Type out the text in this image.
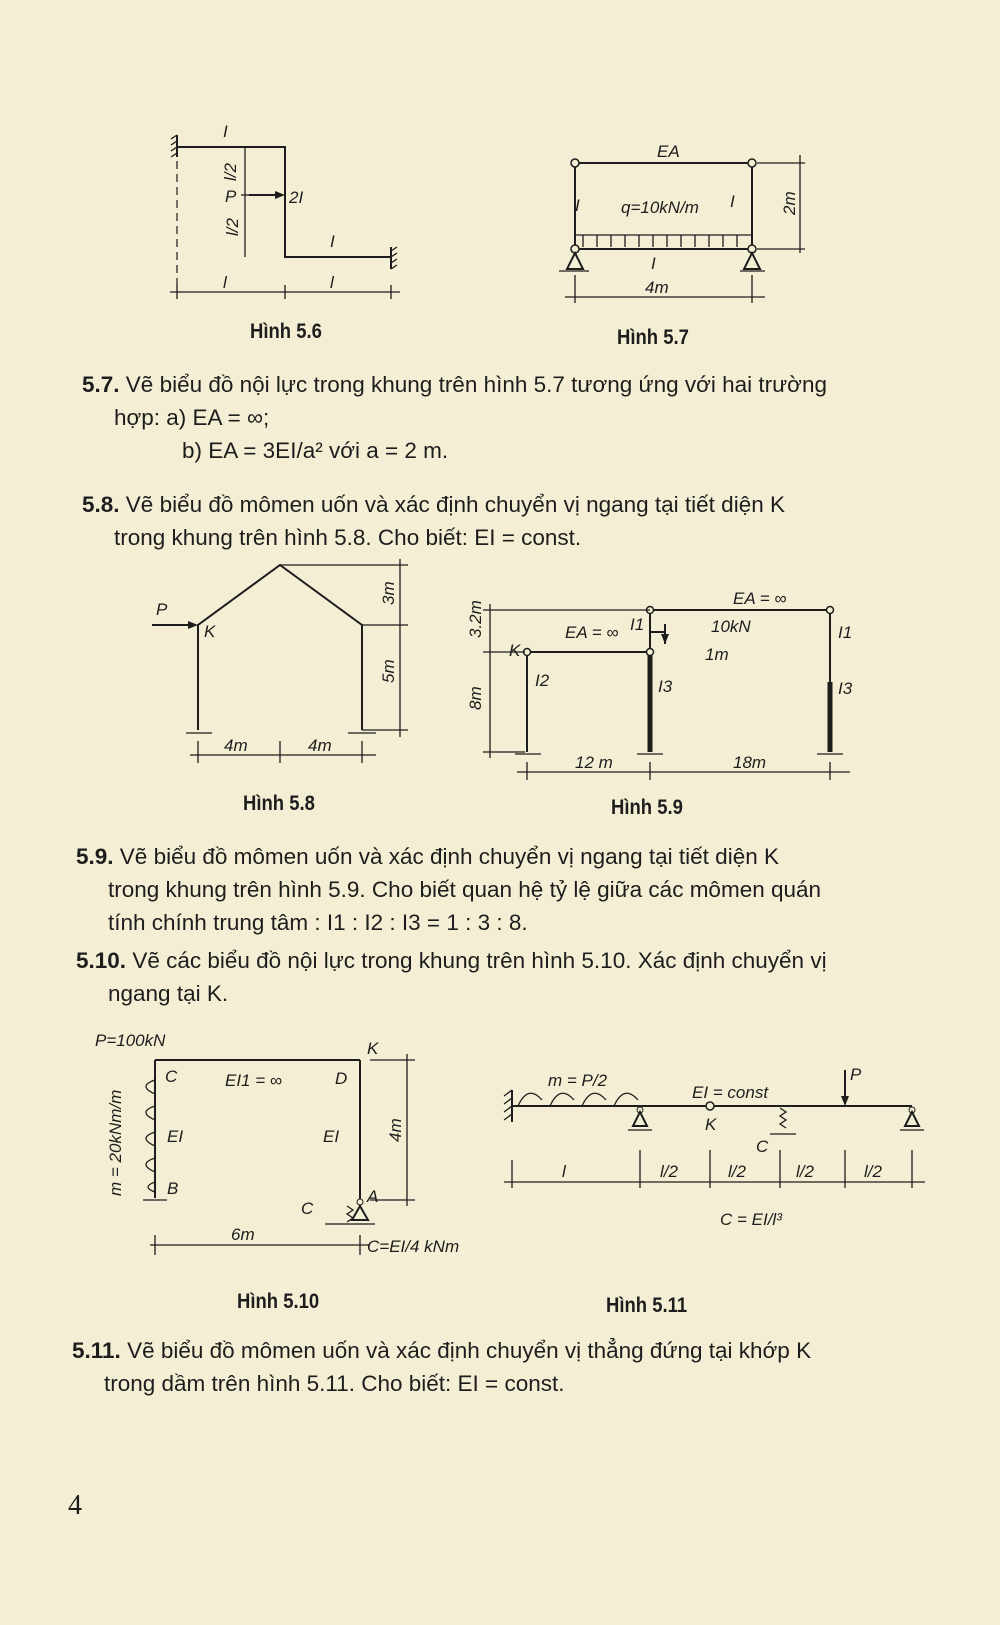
I
l/2
P	2I
l/2
I
l	l
Hình 5.6
EA
I q=10kN/m I	2m
I
4m
Hình 5.7
5.7. Vẽ biểu đồ nội lực trong khung trên hình 5.7 tương ứng với hai trường
hợp: a) EA = ∞;
b) EA = 3EI/a² với a = 2 m.
5.8. Vẽ biểu đồ mômen uốn và xác định chuyển vị ngang tại tiết diện K
trong khung trên hình 5.8. Cho biết: EI = const.
P
K
3m
5m
4m	4m
Hình 5.8
EA = ∞
3.2m	EA = ∞ I1	10kN
K	1m
I1
8m
I2	I3	I3
12 m	18m
Hình 5.9
5.9. Vẽ biểu đồ mômen uốn và xác định chuyển vị ngang tại tiết diện K
trong khung trên hình 5.9. Cho biết quan hệ tỷ lệ giữa các mômen quán
tính chính trung tâm : I1 : I2 : I3 = 1 : 3 : 8.
5.10. Vẽ các biểu đồ nội lực trong khung trên hình 5.10. Xác định chuyển vị
ngang tại K.
P=100kN
m = 20kNm/m
C	EI1 = ∞	D
K
EI	EI	4m
B
C
A
6m
C=EI/4 kNm
Hình 5.10
m = P/2
EI = const
P
K
C
l	l/2	l/2	l/2	l/2
C = EI/l³
Hình 5.11
5.11. Vẽ biểu đồ mômen uốn và xác định chuyển vị thẳng đứng tại khớp K
trong dầm trên hình 5.11. Cho biết: EI = const.
4
